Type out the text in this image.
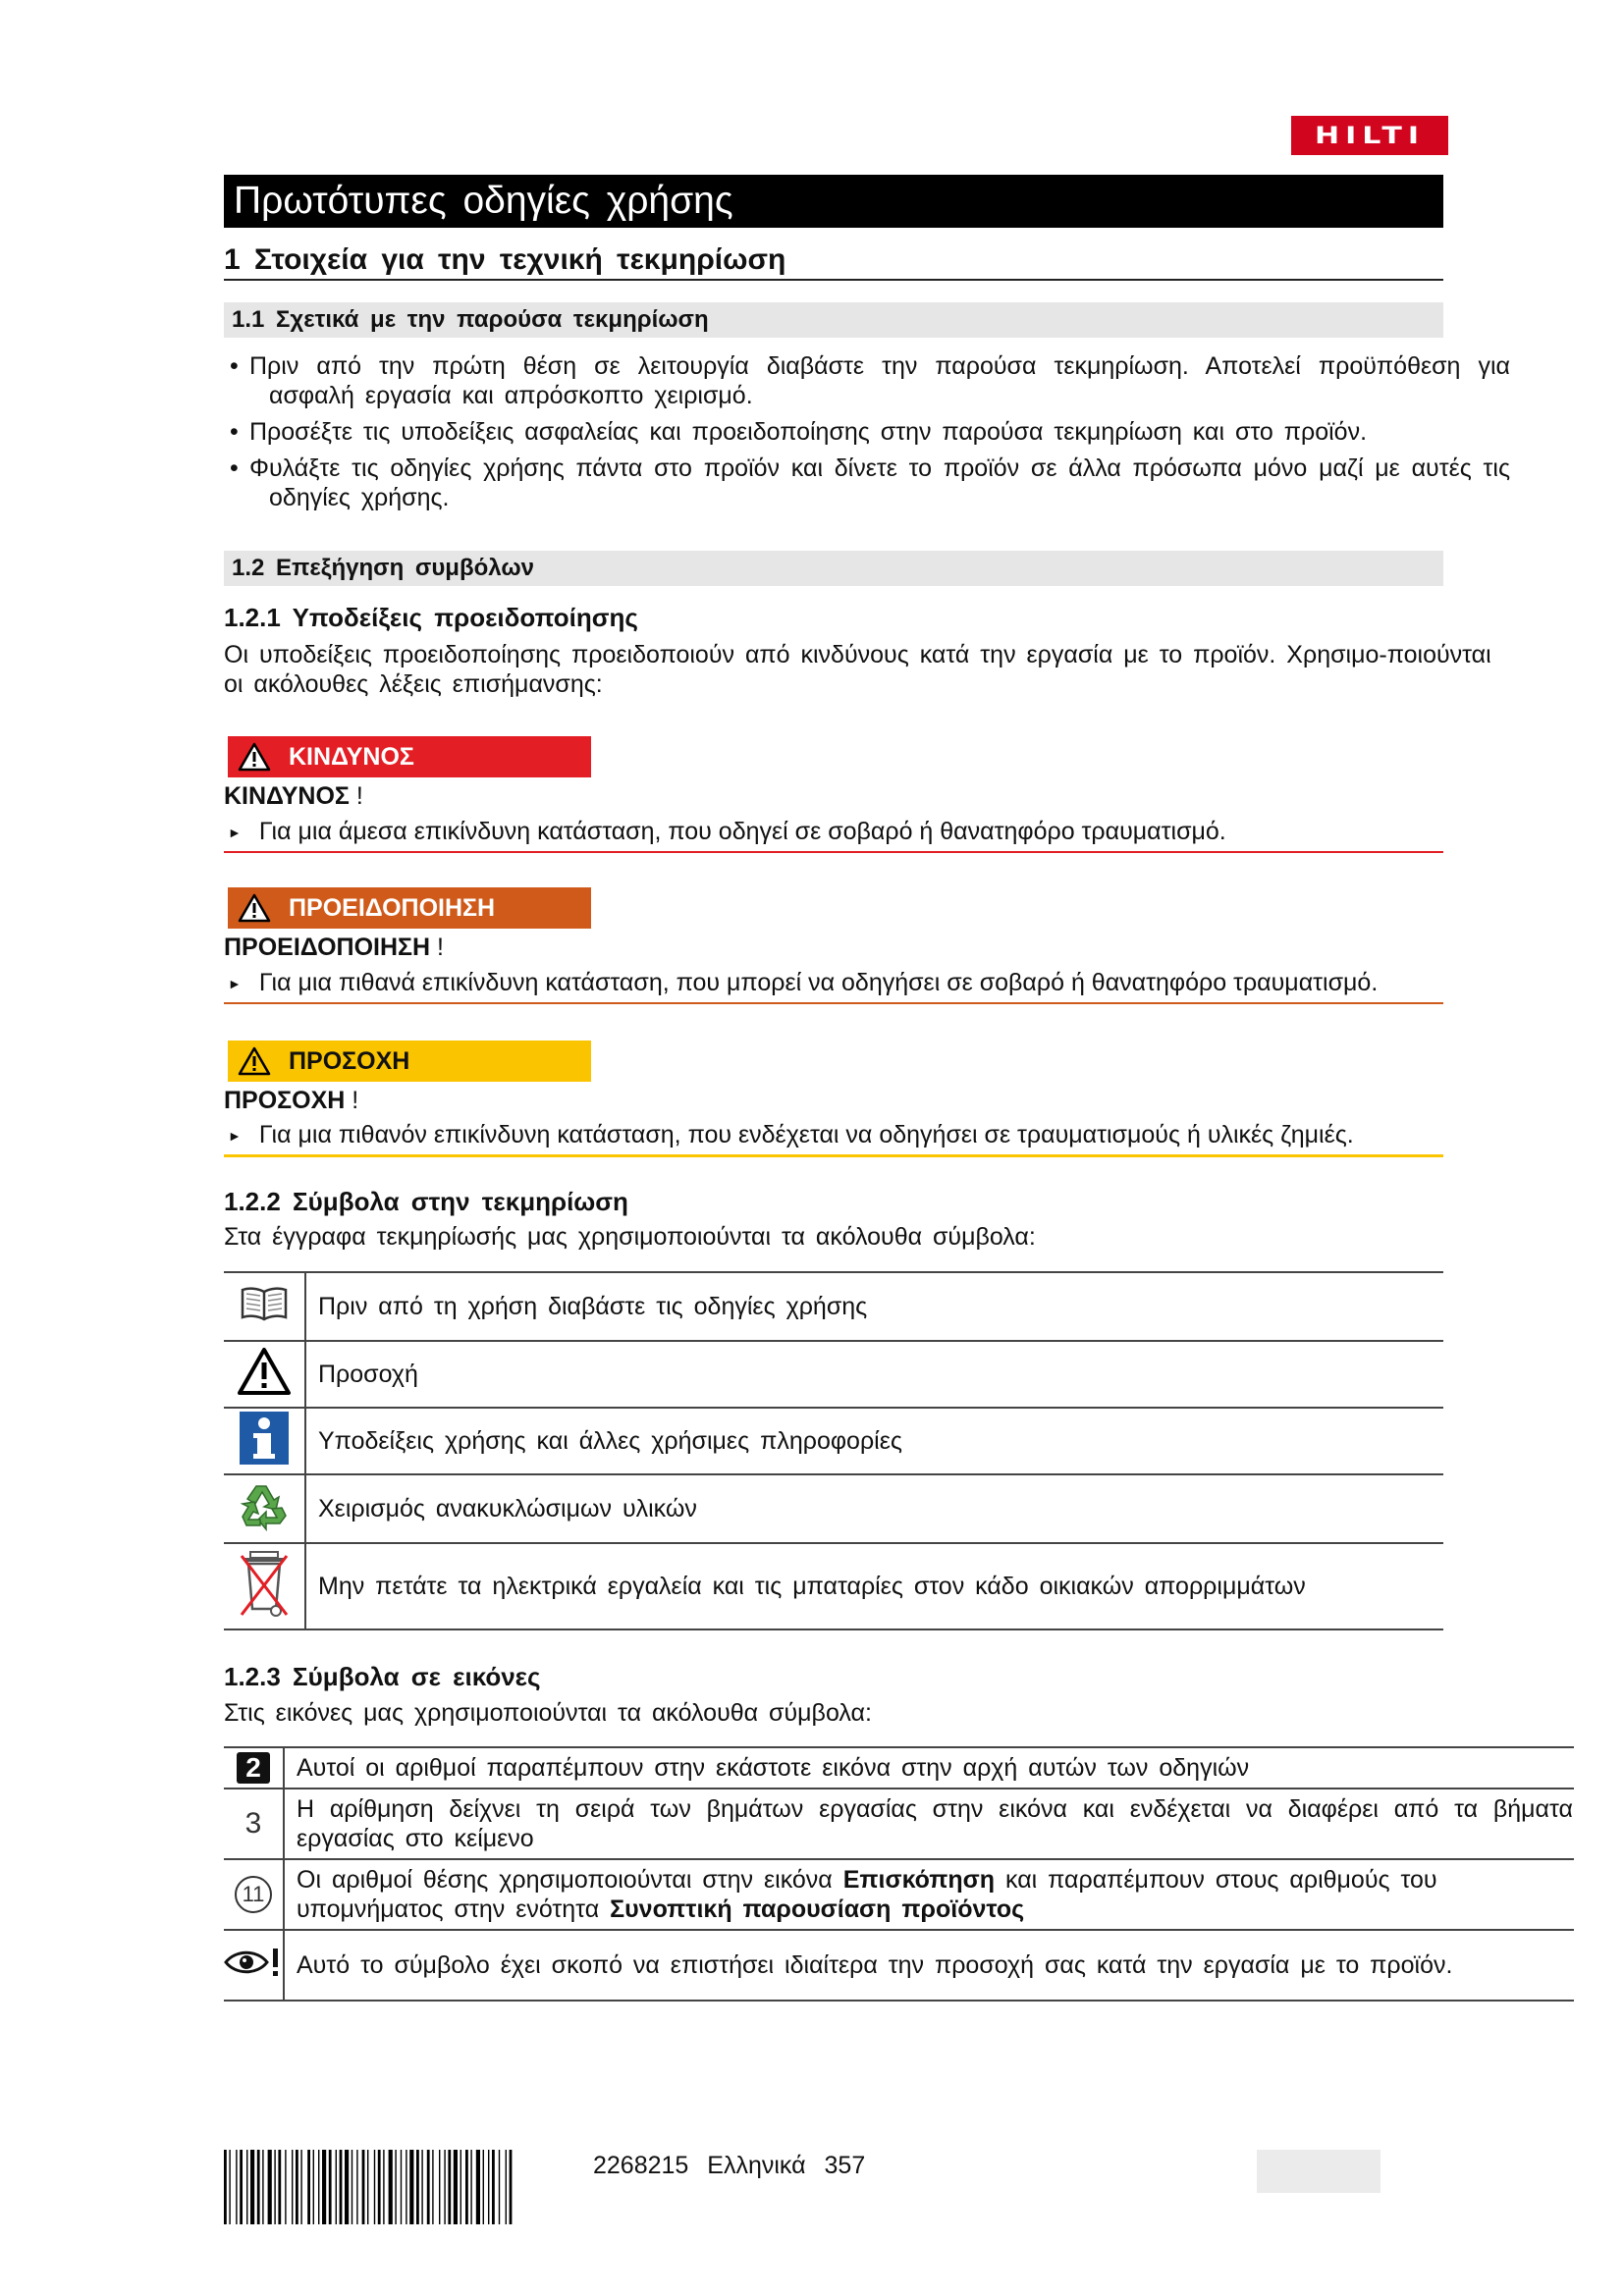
HILTI
Πρωτότυπες οδηγίες χρήσης
1 Στοιχεία για την τεχνική τεκμηρίωση
1.1 Σχετικά με την παρούσα τεκμηρίωση
• Πριν από την πρώτη θέση σε λειτουργία διαβάστε την παρούσα τεκμηρίωση. Αποτελεί προϋπόθεση για ασφαλή εργασία και απρόσκοπτο χειρισμό.
• Προσέξτε τις υποδείξεις ασφαλείας και προειδοποίησης στην παρούσα τεκμηρίωση και στο προϊόν.
• Φυλάξτε τις οδηγίες χρήσης πάντα στο προϊόν και δίνετε το προϊόν σε άλλα πρόσωπα μόνο μαζί με αυτές τις οδηγίες χρήσης.
1.2 Επεξήγηση συμβόλων
1.2.1 Υποδείξεις προειδοποίησης
Οι υποδείξεις προειδοποίησης προειδοποιούν από κινδύνους κατά την εργασία με το προϊόν. Χρησιμο-ποιούνται οι ακόλουθες λέξεις επισήμανσης:
ΚΙΝΔΥΝΟΣ
ΚΙΝΔΥΝΟΣ !
► Για μια άμεσα επικίνδυνη κατάσταση, που οδηγεί σε σοβαρό ή θανατηφόρο τραυματισμό.
ΠΡΟΕΙΔΟΠΟΙΗΣΗ
ΠΡΟΕΙΔΟΠΟΙΗΣΗ !
► Για μια πιθανά επικίνδυνη κατάσταση, που μπορεί να οδηγήσει σε σοβαρό ή θανατηφόρο τραυματισμό.
ΠΡΟΣΟΧΗ
ΠΡΟΣΟΧΗ !
► Για μια πιθανόν επικίνδυνη κατάσταση, που ενδέχεται να οδηγήσει σε τραυματισμούς ή υλικές ζημιές.
1.2.2 Σύμβολα στην τεκμηρίωση
Στα έγγραφα τεκμηρίωσής μας χρησιμοποιούνται τα ακόλουθα σύμβολα:
	Πριν από τη χρήση διαβάστε τις οδηγίες χρήσης
	Προσοχή
	Υποδείξεις χρήσης και άλλες χρήσιμες πληροφορίες
	Χειρισμός ανακυκλώσιμων υλικών
	Μην πετάτε τα ηλεκτρικά εργαλεία και τις μπαταρίες στον κάδο οικιακών απορριμμάτων
1.2.3 Σύμβολα σε εικόνες
Στις εικόνες μας χρησιμοποιούνται τα ακόλουθα σύμβολα:
2	Αυτοί οι αριθμοί παραπέμπουν στην εκάστοτε εικόνα στην αρχή αυτών των οδηγιών
3	Η αρίθμηση δείχνει τη σειρά των βημάτων εργασίας στην εικόνα και ενδέχεται να διαφέρει από τα βήματα εργασίας στο κείμενο

11	Οι αριθμοί θέσης χρησιμοποιούνται στην εικόνα Επισκόπηση και παραπέμπουν στους αριθμούς του υπομνήματος στην ενότητα Συνοπτική παρουσίαση προϊόντος

Αυτό το σύμβολο έχει σκοπό να επιστήσει ιδιαίτερα την προσοχή σας κατά την εργασία με το προϊόν.
2268215 Ελληνικά 357
